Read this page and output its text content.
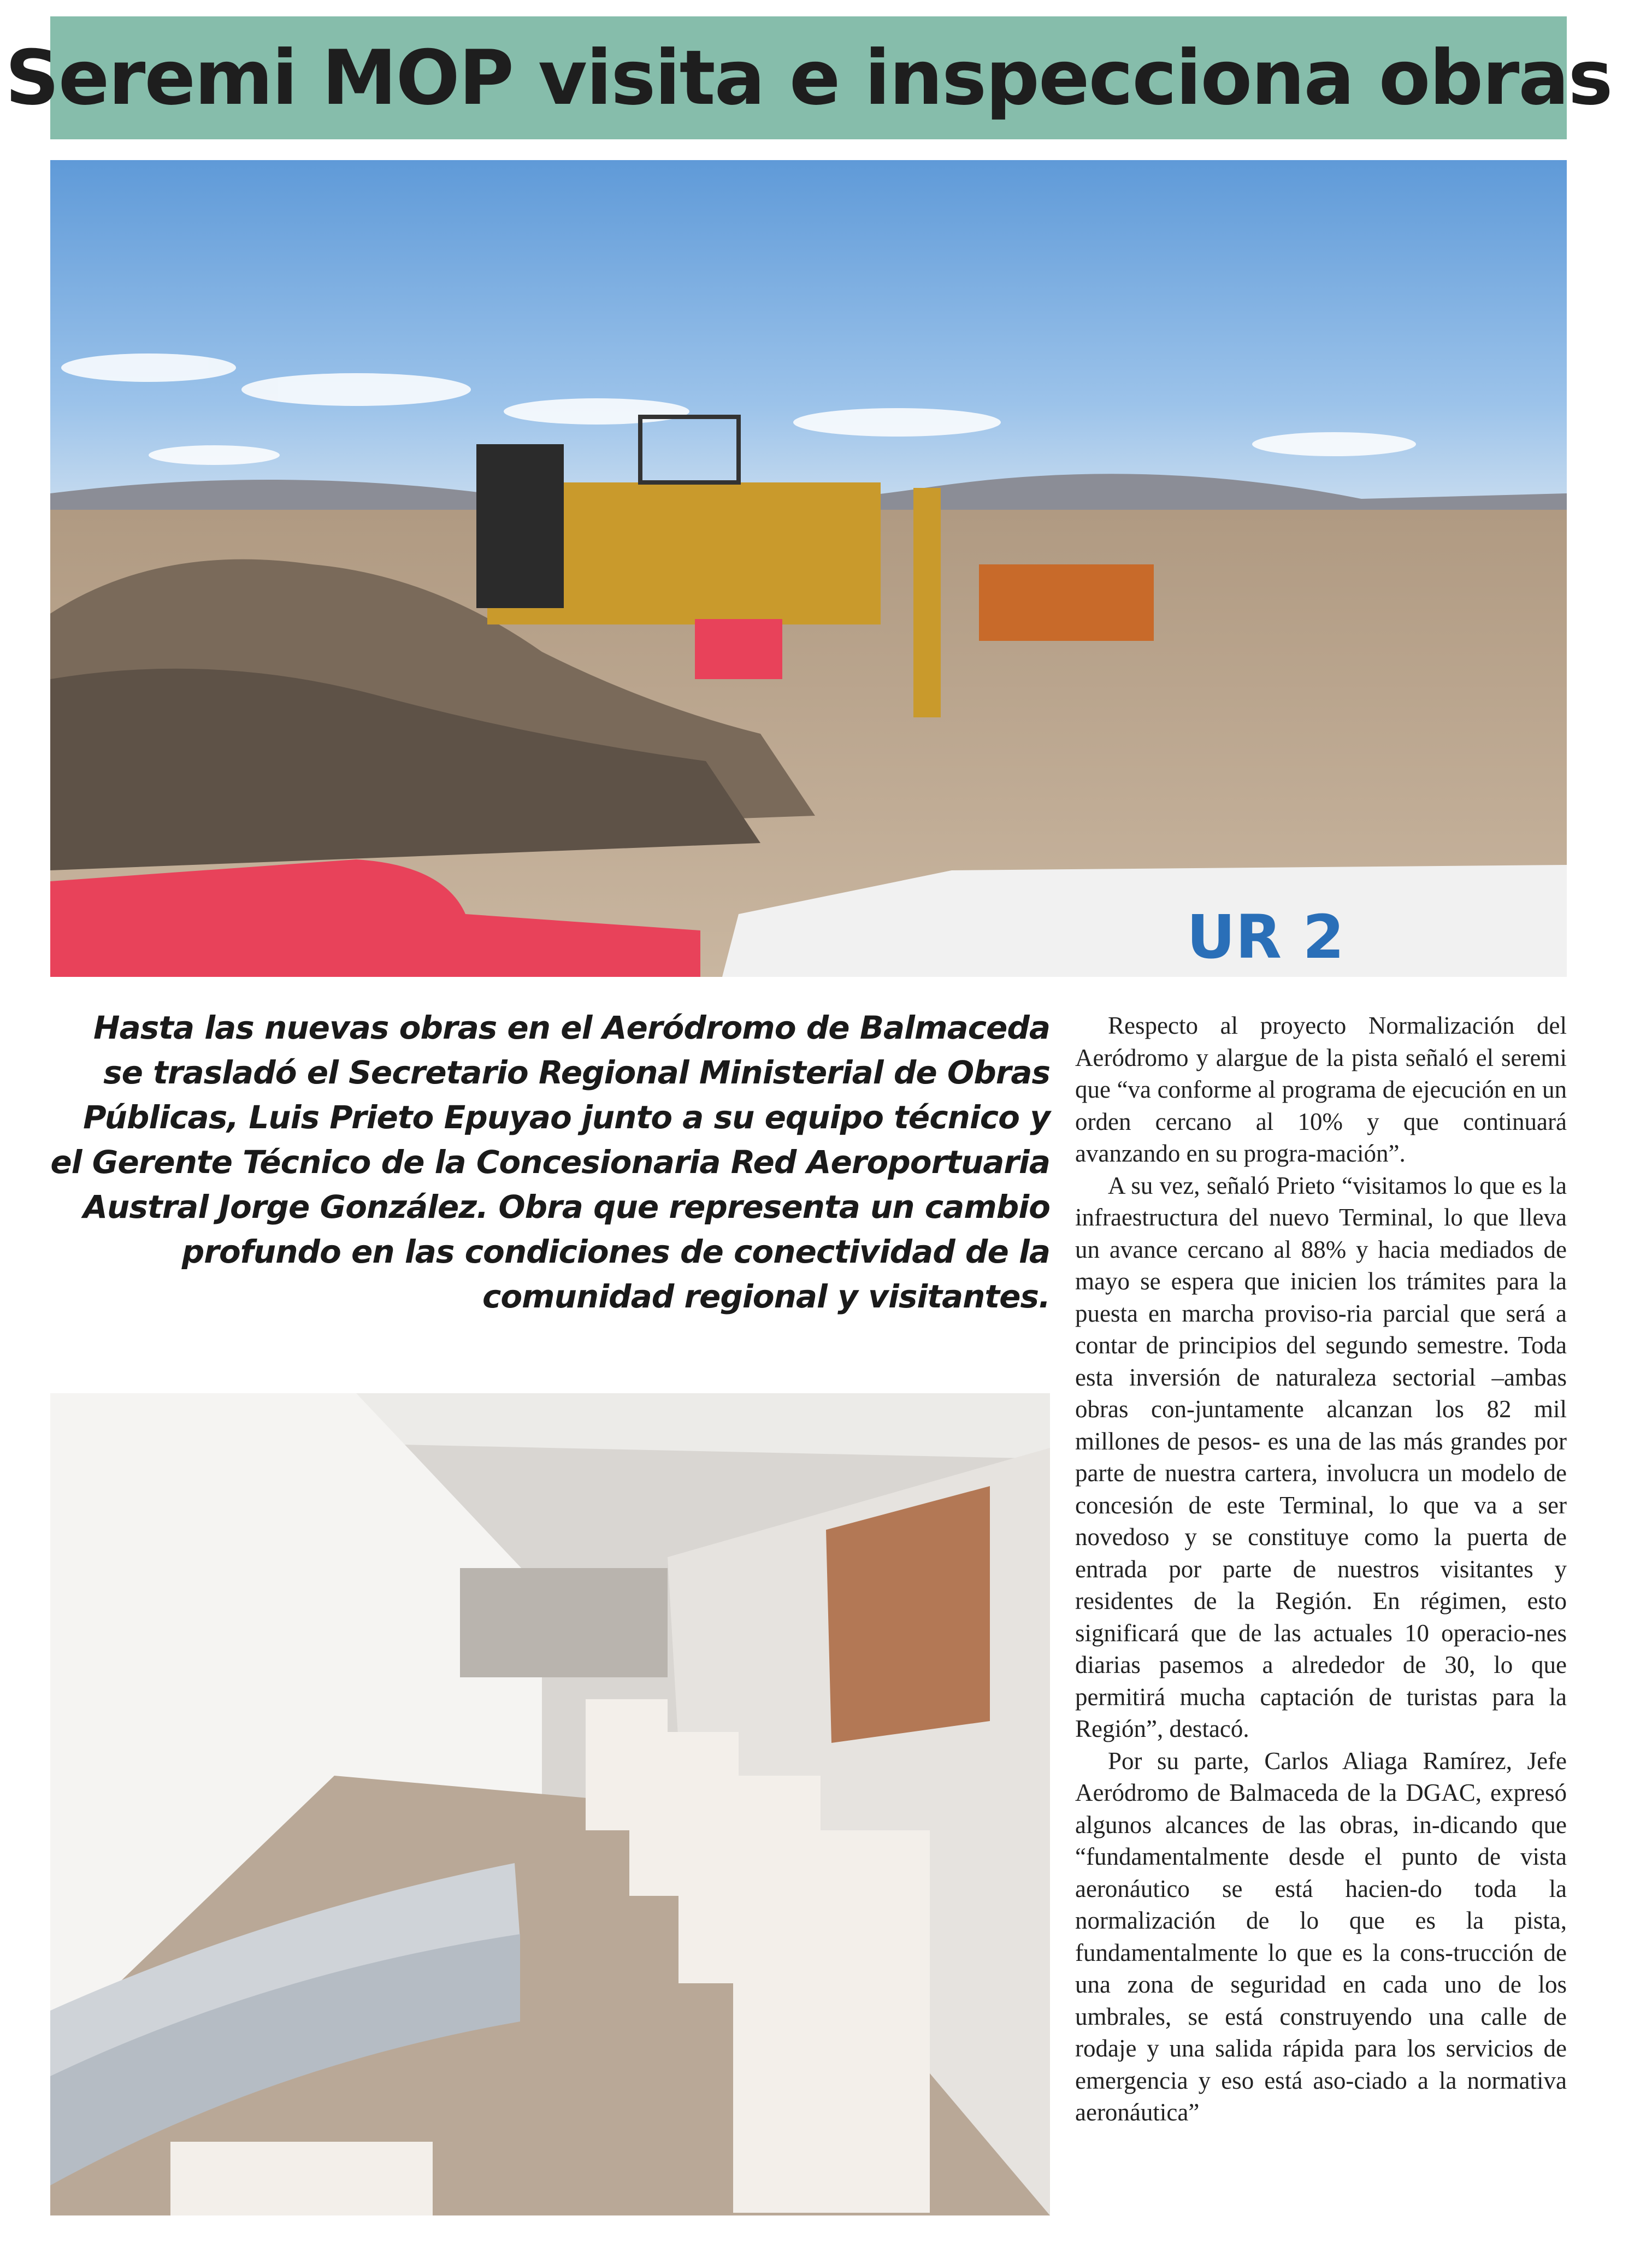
Seremi MOP visita e inspecciona obras
UR 2

Hasta las nuevas obras en el Aeródromo de Balmaceda se trasladó el Secretario Regional Ministerial de Obras Públicas, Luis Prieto Epuyao junto a su equipo técnico y el Gerente Técnico de la Concesionaria Red Aeroportuaria Austral Jorge González. Obra que representa un cambio profundo en las condiciones de conectividad de la comunidad regional y visitantes.

Respecto al proyecto Normalización del Aeródromo y alargue de la pista señaló el seremi que “va conforme al programa de ejecución en un orden cercano al 10% y que continuará avanzando en su progra-mación”.

A su vez, señaló Prieto “visitamos lo que es la infraestructura del nuevo Terminal, lo que lleva un avance cercano al 88% y hacia mediados de mayo se espera que inicien los trámites para la puesta en marcha proviso-ria parcial que será a contar de principios del segundo semestre. Toda esta inversión de naturaleza sectorial –ambas obras con-juntamente alcanzan los 82 mil millones de pesos- es una de las más grandes por parte de nuestra cartera, involucra un modelo de concesión de este Terminal, lo que va a ser novedoso y se constituye como la puerta de entrada por parte de nuestros visitantes y residentes de la Región. En régimen, esto significará que de las actuales 10 operacio-nes diarias pasemos a alrededor de 30, lo que permitirá mucha captación de turistas para la Región”, destacó.

Por su parte, Carlos Aliaga Ramírez, Jefe Aeródromo de Balmaceda de la DGAC, expresó algunos alcances de las obras, in-dicando que “fundamentalmente desde el punto de vista aeronáutico se está hacien-do toda la normalización de lo que es la pista, fundamentalmente lo que es la cons-trucción de una zona de seguridad en cada uno de los umbrales, se está construyendo una calle de rodaje y una salida rápida para los servicios de emergencia y eso está aso-ciado a la normativa aeronáutica”
